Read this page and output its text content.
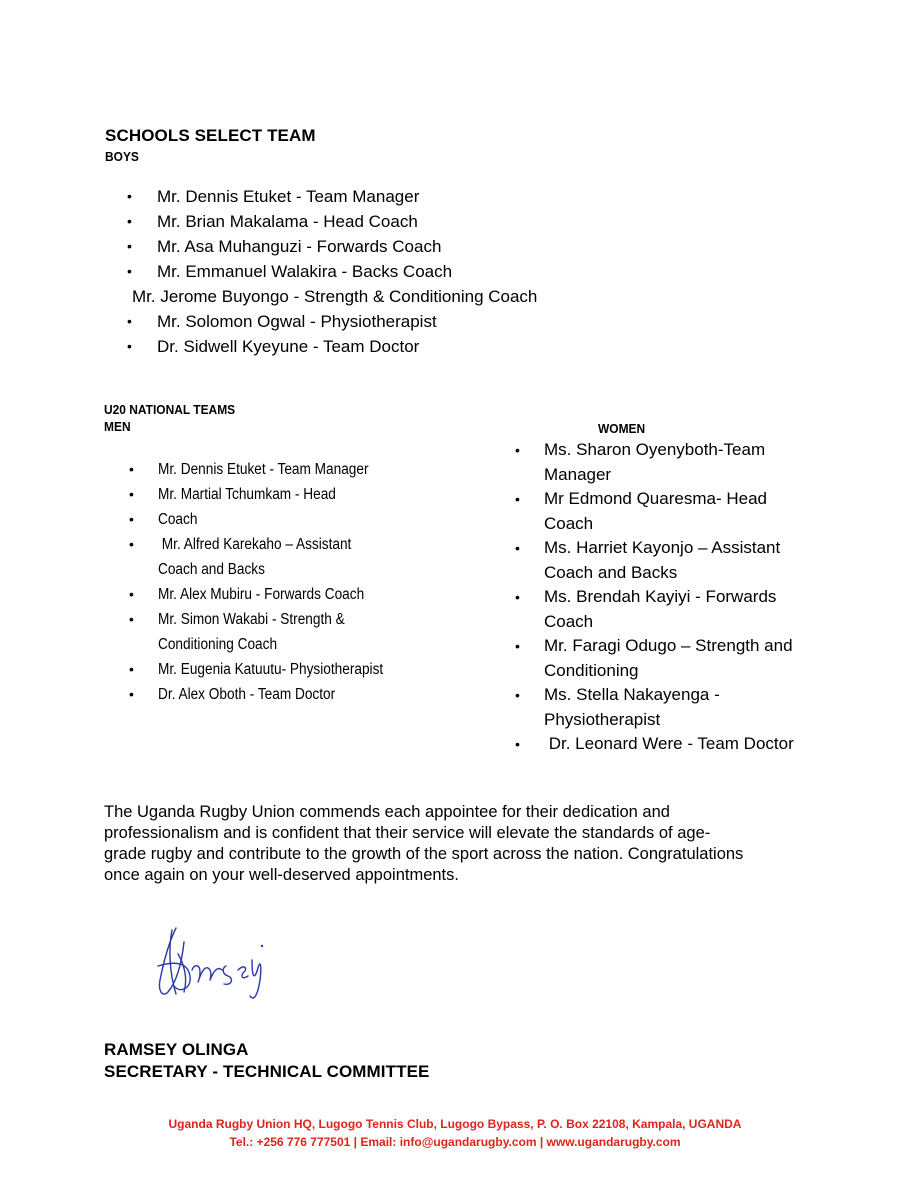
SCHOOLS SELECT TEAM
BOYS
• Mr. Dennis Etuket - Team Manager
• Mr. Brian Makalama - Head Coach
• Mr. Asa Muhanguzi - Forwards Coach
• Mr. Emmanuel Walakira - Backs Coach
Mr. Jerome Buyongo - Strength & Conditioning Coach
• Mr. Solomon Ogwal - Physiotherapist
• Dr. Sidwell Kyeyune - Team Doctor
U20 NATIONAL TEAMS
MEN	WOMEN
• Mr. Dennis Etuket - Team Manager
• Mr. Martial Tchumkam - Head
• Coach
• Mr. Alfred Karekaho – Assistant
Coach and Backs
• Mr. Alex Mubiru - Forwards Coach
• Mr. Simon Wakabi - Strength &
Conditioning Coach
• Mr. Eugenia Katuutu- Physiotherapist
• Dr. Alex Oboth - Team Doctor
• Ms. Sharon Oyenyboth-Team
Manager
• Mr Edmond Quaresma- Head
Coach
• Ms. Harriet Kayonjo – Assistant
Coach and Backs
• Ms. Brendah Kayiyi - Forwards
Coach
• Mr. Faragi Odugo – Strength and
Conditioning
• Ms. Stella Nakayenga -
Physiotherapist
• Dr. Leonard Were - Team Doctor
The Uganda Rugby Union commends each appointee for their dedication and
professionalism and is confident that their service will elevate the standards of age-
grade rugby and contribute to the growth of the sport across the nation. Congratulations
once again on your well-deserved appointments.
RAMSEY OLINGA
SECRETARY - TECHNICAL COMMITTEE
Uganda Rugby Union HQ, Lugogo Tennis Club, Lugogo Bypass, P. O. Box 22108, Kampala, UGANDA
Tel.: +256 776 777501 | Email: info@ugandarugby.com | www.ugandarugby.com
